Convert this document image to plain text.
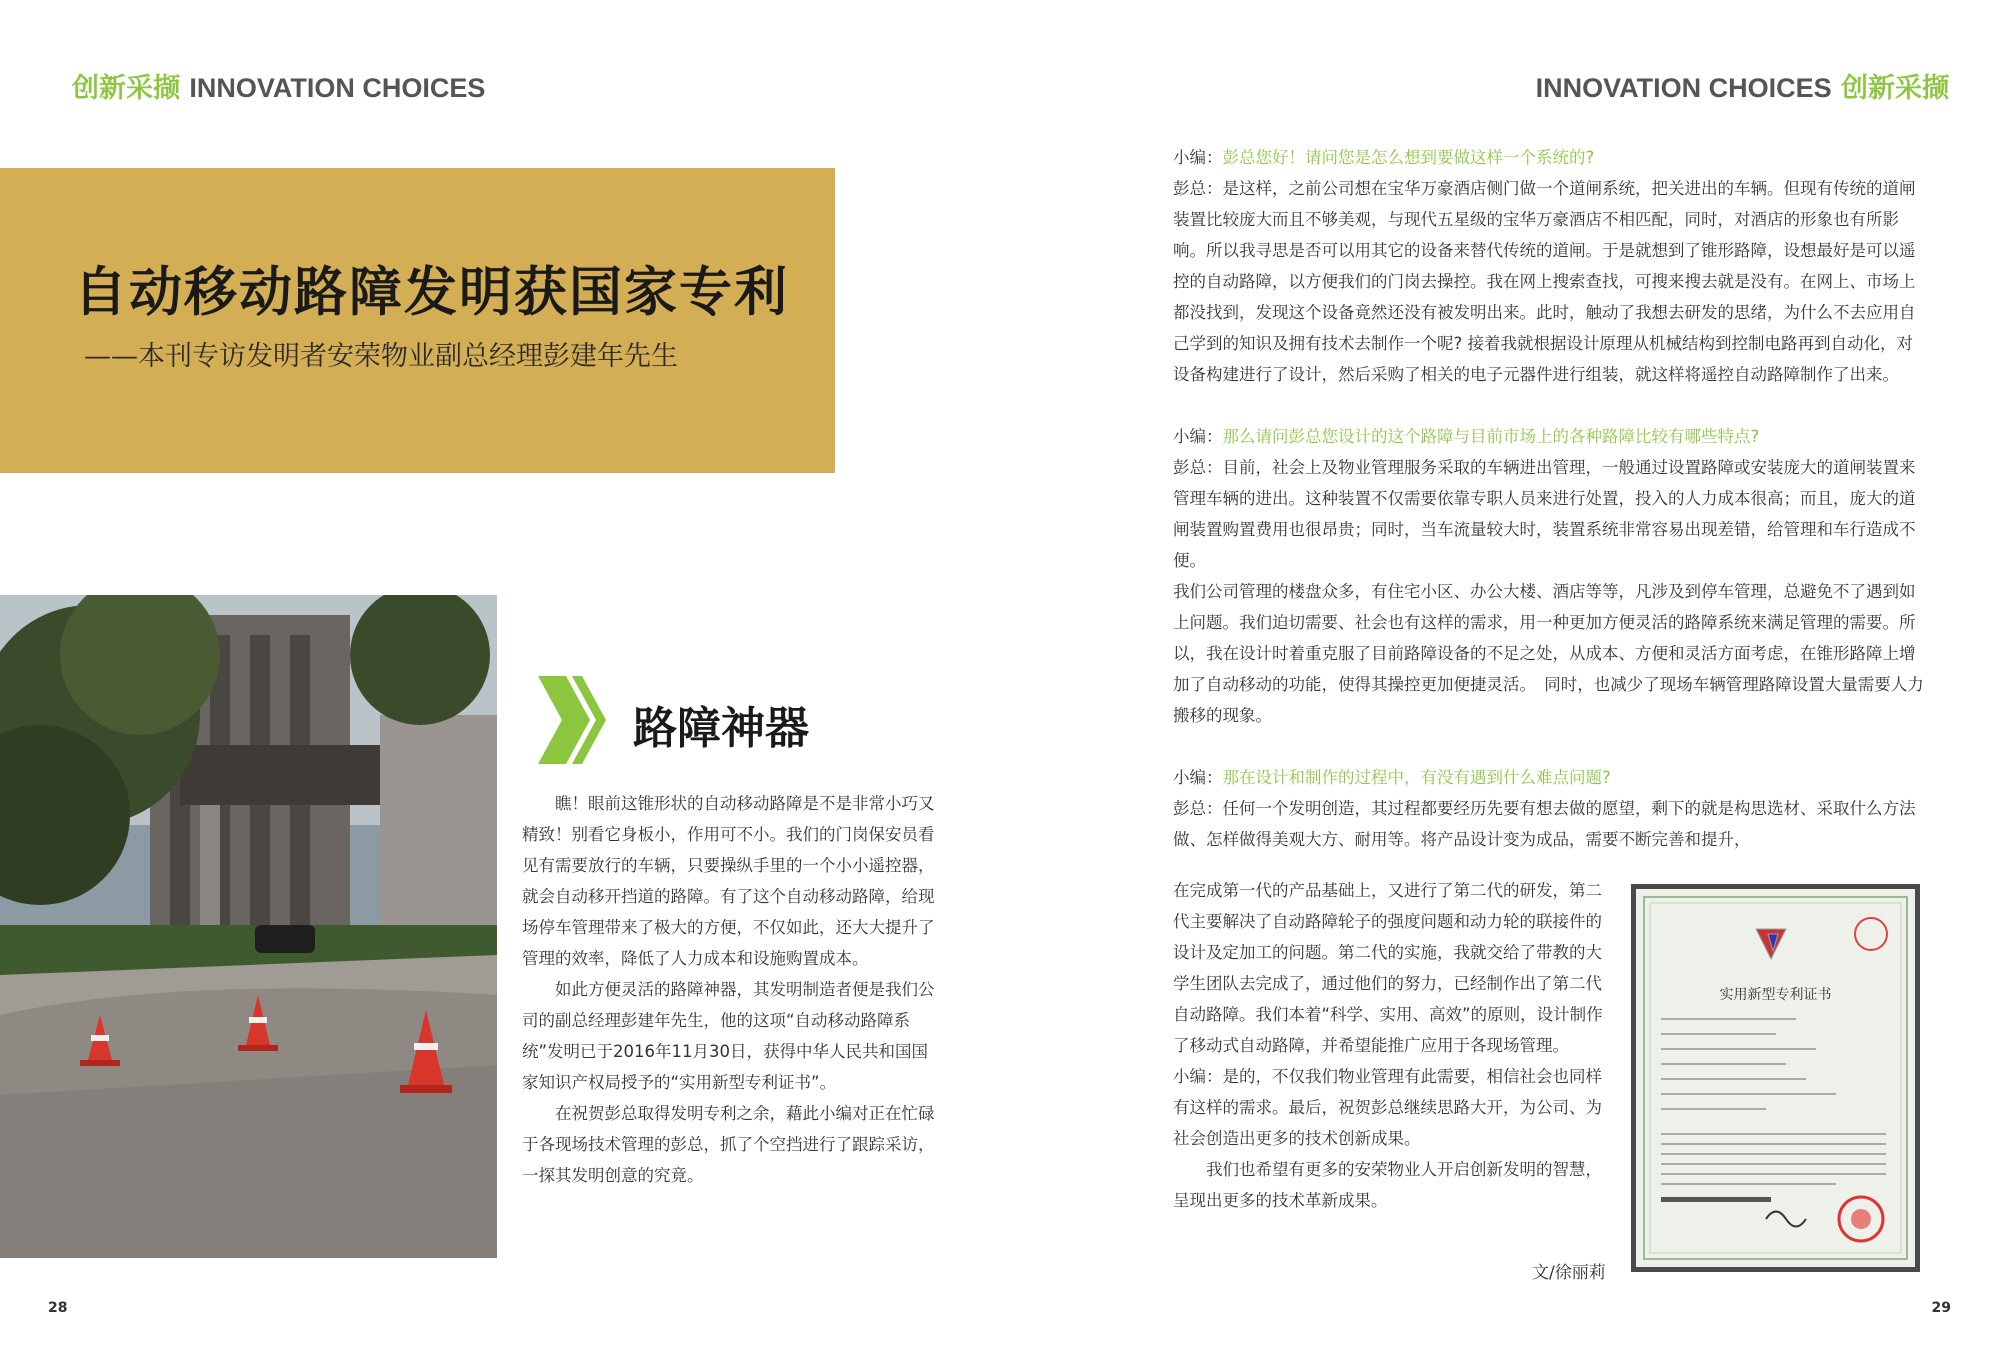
创新采撷 INNOVATION CHOICES	INNOVATION CHOICES 创新采撷
自动移动路障发明获国家专利
——本刊专访发明者安荣物业副总经理彭建年先生
路障神器

瞧！眼前这锥形状的自动移动路障是不是非常小巧又精致！别看它身板小，作用可不小。我们的门岗保安员看见有需要放行的车辆，只要操纵手里的一个小小遥控器，就会自动移开挡道的路障。有了这个自动移动路障，给现场停车管理带来了极大的方便，不仅如此，还大大提升了管理的效率，降低了人力成本和设施购置成本。

如此方便灵活的路障神器，其发明制造者便是我们公司的副总经理彭建年先生，他的这项“自动移动路障系统”发明已于2016年11月30日，获得中华人民共和国国家知识产权局授予的“实用新型专利证书”。

在祝贺彭总取得发明专利之余，藉此小编对正在忙碌于各现场技术管理的彭总，抓了个空挡进行了跟踪采访，一探其发明创意的究竟。

小编：彭总您好！请问您是怎么想到要做这样一个系统的?

彭总：是这样，之前公司想在宝华万豪酒店侧门做一个道闸系统，把关进出的车辆。但现有传统的道闸装置比较庞大而且不够美观，与现代五星级的宝华万豪酒店不相匹配，同时，对酒店的形象也有所影响。所以我寻思是否可以用其它的设备来替代传统的道闸。于是就想到了锥形路障，设想最好是可以遥控的自动路障，以方便我们的门岗去操控。我在网上搜索查找，可搜来搜去就是没有。在网上、市场上都没找到，发现这个设备竟然还没有被发明出来。此时，触动了我想去研发的思绪，为什么不去应用自己学到的知识及拥有技术去制作一个呢? 接着我就根据设计原理从机械结构到控制电路再到自动化，对设备构建进行了设计，然后采购了相关的电子元器件进行组装，就这样将遥控自动路障制作了出来。

小编：那么请问彭总您设计的这个路障与目前市场上的各种路障比较有哪些特点?

彭总：目前，社会上及物业管理服务采取的车辆进出管理，一般通过设置路障或安装庞大的道闸装置来管理车辆的进出。这种装置不仅需要依靠专职人员来进行处置，投入的人力成本很高；而且，庞大的道闸装置购置费用也很昂贵；同时，当车流量较大时，装置系统非常容易出现差错，给管理和车行造成不便。

我们公司管理的楼盘众多，有住宅小区、办公大楼、酒店等等，凡涉及到停车管理，总避免不了遇到如上问题。我们迫切需要、社会也有这样的需求，用一种更加方便灵活的路障系统来满足管理的需要。所以，我在设计时着重克服了目前路障设备的不足之处，从成本、方便和灵活方面考虑，在锥形路障上增加了自动移动的功能，使得其操控更加便捷灵活。　同时，也减少了现场车辆管理路障设置大量需要人力搬移的现象。

小编：那在设计和制作的过程中，有没有遇到什么难点问题?

彭总：任何一个发明创造，其过程都要经历先要有想去做的愿望，剩下的就是构思选材、采取什么方法做、怎样做得美观大方、耐用等。将产品设计变为成品，需要不断完善和提升，

在完成第一代的产品基础上，又进行了第二代的研发，第二代主要解决了自动路障轮子的强度问题和动力轮的联接件的设计及定加工的问题。第二代的实施，我就交给了带教的大学生团队去完成了，通过他们的努力，已经制作出了第二代自动路障。我们本着“科学、实用、高效”的原则，设计制作了移动式自动路障，并希望能推广应用于各现场管理。

小编：是的，不仅我们物业管理有此需要，相信社会也同样有这样的需求。最后，祝贺彭总继续思路大开，为公司、为社会创造出更多的技术创新成果。

我们也希望有更多的安荣物业人开启创新发明的智慧，呈现出更多的技术革新成果。

实用新型专利证书
文/徐丽莉
28	29
